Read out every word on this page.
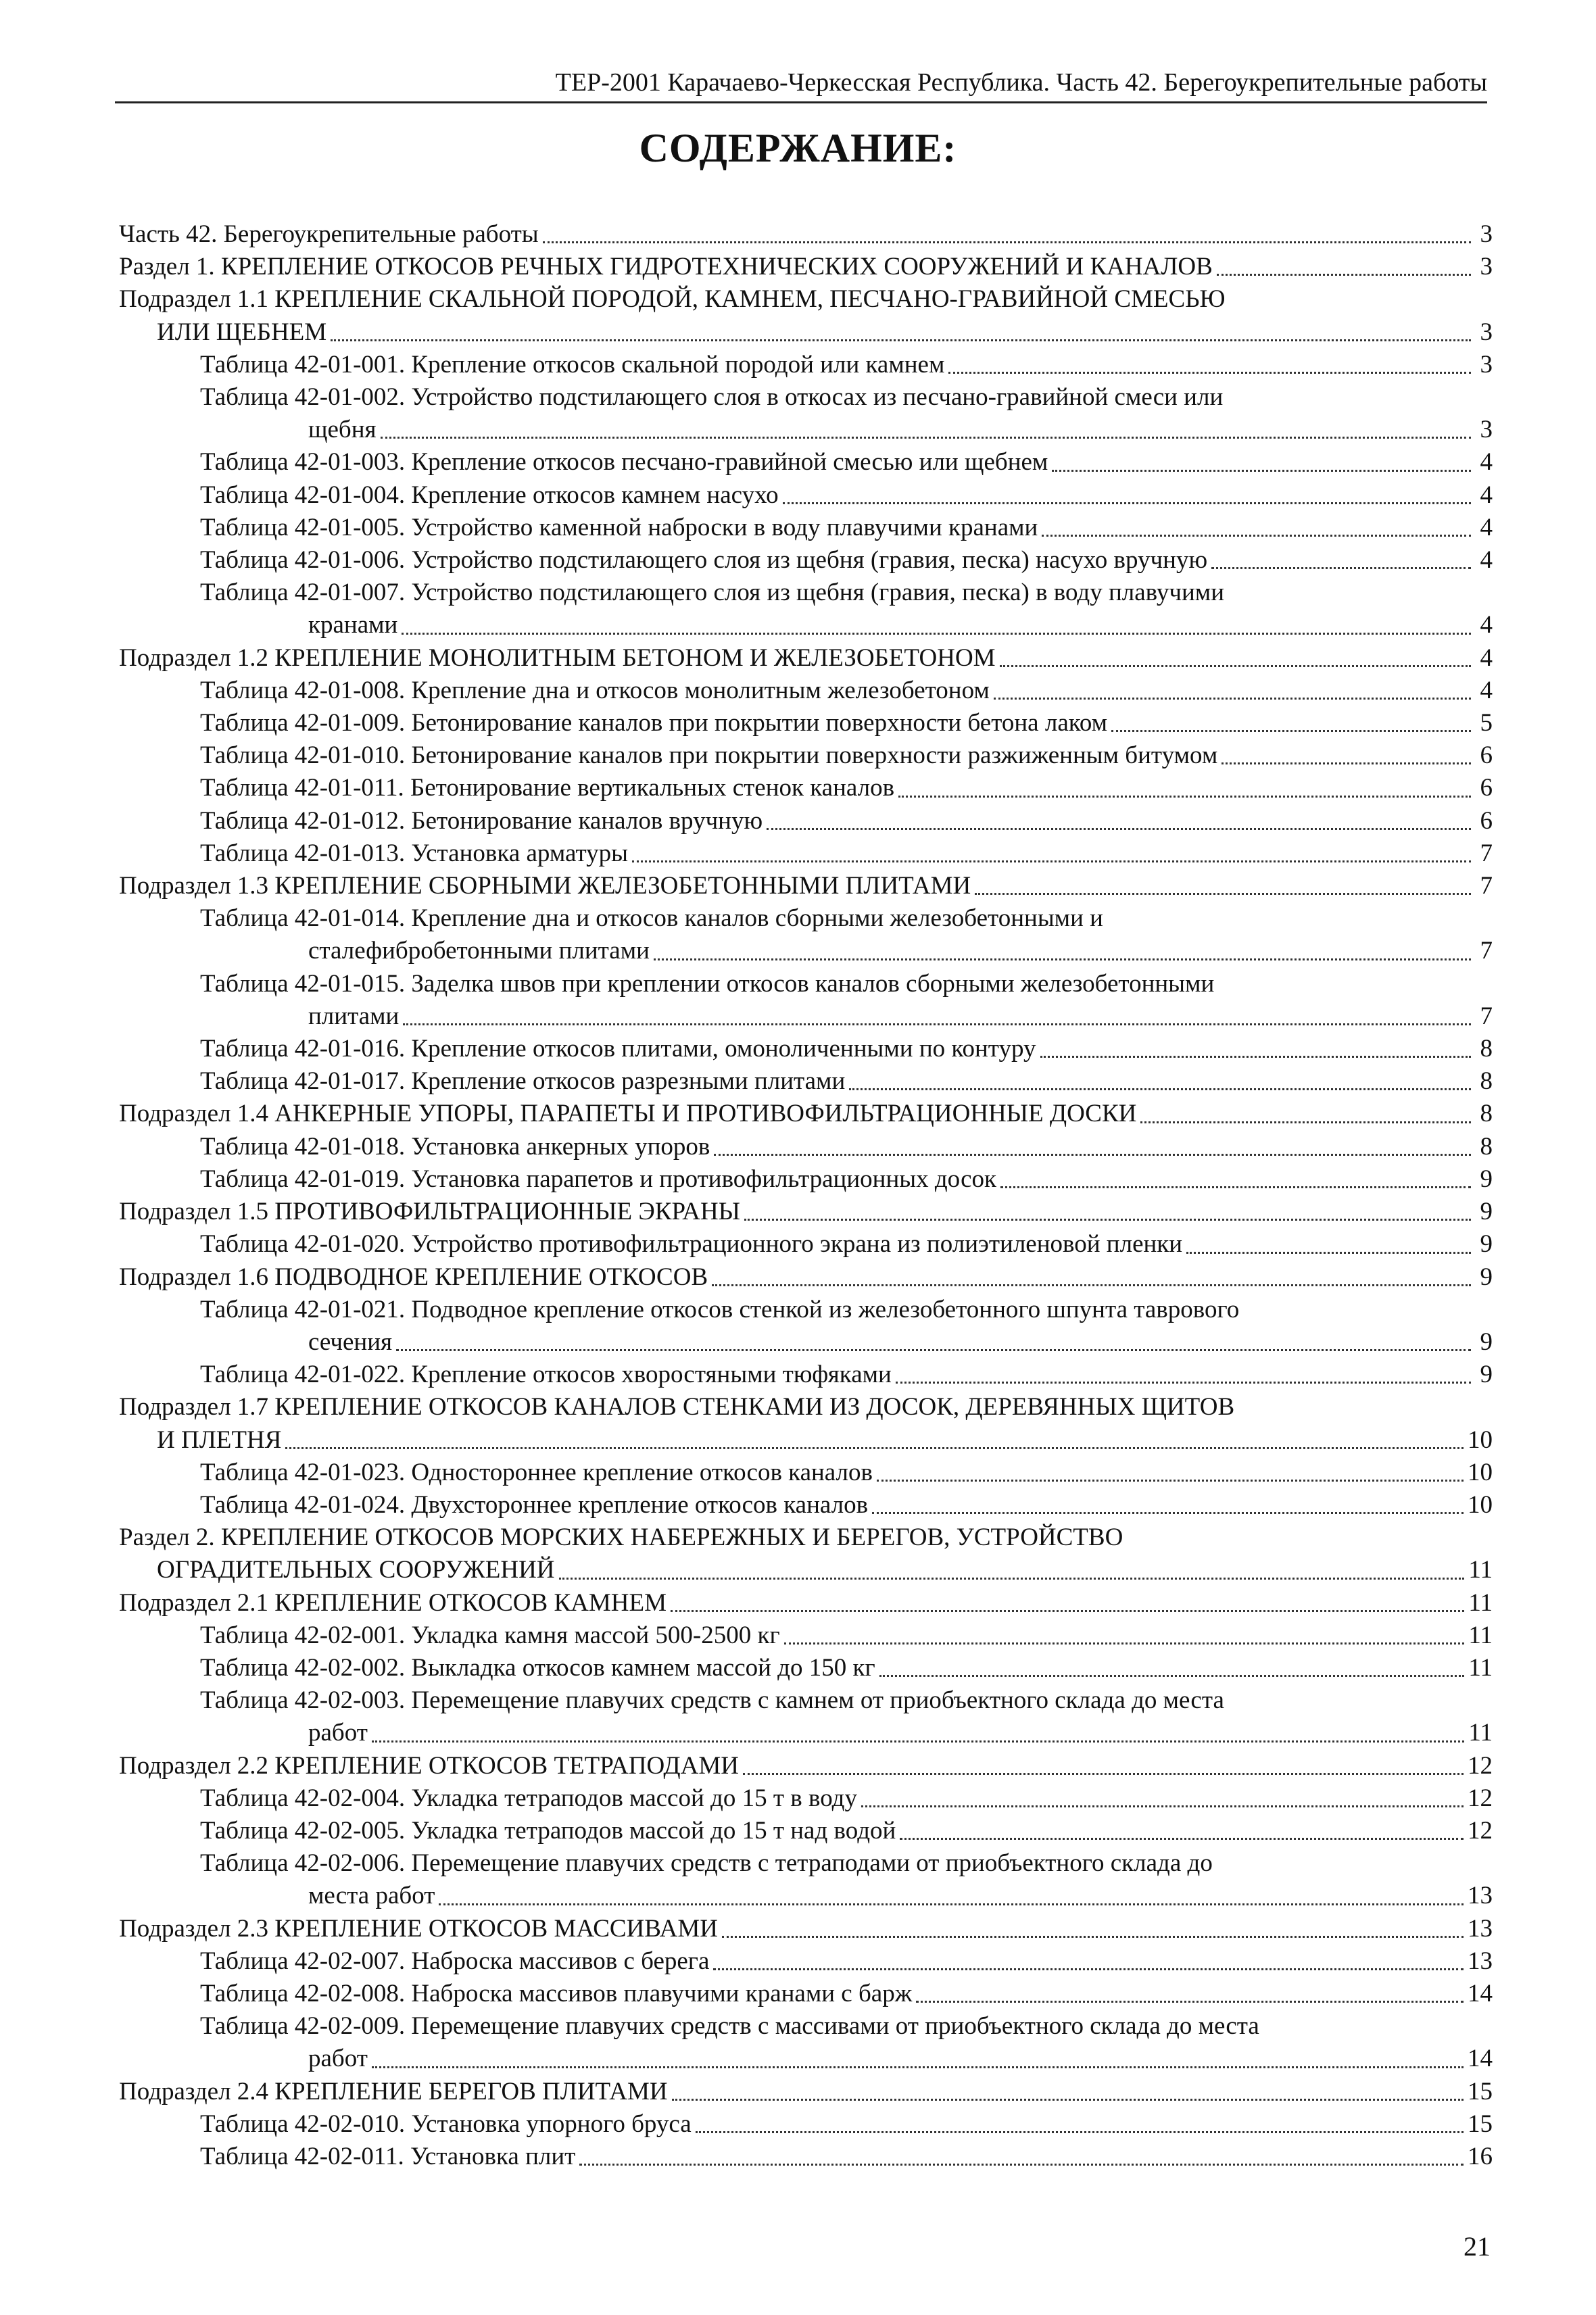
ТЕР-2001 Карачаево-Черкесская Республика. Часть 42. Берегоукрепительные работы
СОДЕРЖАНИЕ:
Часть 42. Берегоукрепительные работы	3
Раздел 1. КРЕПЛЕНИЕ ОТКОСОВ РЕЧНЫХ ГИДРОТЕХНИЧЕСКИХ СООРУЖЕНИЙ И КАНАЛОВ	3
Подраздел 1.1 КРЕПЛЕНИЕ СКАЛЬНОЙ ПОРОДОЙ, КАМНЕМ, ПЕСЧАНО-ГРАВИЙНОЙ СМЕСЬЮ
ИЛИ ЩЕБНЕМ	3
Таблица 42-01-001. Крепление откосов скальной породой или камнем	3
Таблица 42-01-002. Устройство подстилающего слоя в откосах из песчано-гравийной смеси или
щебня	3
Таблица 42-01-003. Крепление откосов песчано-гравийной смесью или щебнем	4
Таблица 42-01-004. Крепление откосов камнем насухо	4
Таблица 42-01-005. Устройство каменной наброски в воду плавучими кранами	4
Таблица 42-01-006. Устройство подстилающего слоя из щебня (гравия, песка) насухо вручную	4
Таблица 42-01-007. Устройство подстилающего слоя из щебня (гравия, песка) в воду плавучими
кранами	4
Подраздел 1.2 КРЕПЛЕНИЕ МОНОЛИТНЫМ БЕТОНОМ И ЖЕЛЕЗОБЕТОНОМ	4
Таблица 42-01-008. Крепление дна и откосов монолитным железобетоном	4
Таблица 42-01-009. Бетонирование каналов при покрытии поверхности бетона лаком	5
Таблица 42-01-010. Бетонирование каналов при покрытии поверхности разжиженным битумом	6
Таблица 42-01-011. Бетонирование вертикальных стенок каналов	6
Таблица 42-01-012. Бетонирование каналов вручную	6
Таблица 42-01-013. Установка арматуры	7
Подраздел 1.3 КРЕПЛЕНИЕ СБОРНЫМИ ЖЕЛЕЗОБЕТОННЫМИ ПЛИТАМИ	7
Таблица 42-01-014. Крепление дна и откосов каналов сборными железобетонными и
сталефибробетонными плитами	7
Таблица 42-01-015. Заделка швов при креплении откосов каналов сборными железобетонными
плитами	7
Таблица 42-01-016. Крепление откосов плитами, омоноличенными по контуру	8
Таблица 42-01-017. Крепление откосов разрезными плитами	8
Подраздел 1.4 АНКЕРНЫЕ УПОРЫ, ПАРАПЕТЫ И ПРОТИВОФИЛЬТРАЦИОННЫЕ ДОСКИ	8
Таблица 42-01-018. Установка анкерных упоров	8
Таблица 42-01-019. Установка парапетов и противофильтрационных досок	9
Подраздел 1.5 ПРОТИВОФИЛЬТРАЦИОННЫЕ ЭКРАНЫ	9
Таблица 42-01-020. Устройство противофильтрационного экрана из полиэтиленовой пленки	9
Подраздел 1.6 ПОДВОДНОЕ КРЕПЛЕНИЕ ОТКОСОВ	9
Таблица 42-01-021. Подводное крепление откосов стенкой из железобетонного шпунта таврового
сечения	9
Таблица 42-01-022. Крепление откосов хворостяными тюфяками	9
Подраздел 1.7 КРЕПЛЕНИЕ ОТКОСОВ КАНАЛОВ СТЕНКАМИ ИЗ ДОСОК, ДЕРЕВЯННЫХ ЩИТОВ
И ПЛЕТНЯ	10
Таблица 42-01-023. Одностороннее крепление откосов каналов	10
Таблица 42-01-024. Двухстороннее крепление откосов каналов	10
Раздел 2. КРЕПЛЕНИЕ ОТКОСОВ МОРСКИХ НАБЕРЕЖНЫХ И БЕРЕГОВ, УСТРОЙСТВО
ОГРАДИТЕЛЬНЫХ СООРУЖЕНИЙ	11
Подраздел 2.1 КРЕПЛЕНИЕ ОТКОСОВ КАМНЕМ	11
Таблица 42-02-001. Укладка камня массой 500-2500 кг	11
Таблица 42-02-002. Выкладка откосов камнем массой до 150 кг	11
Таблица 42-02-003. Перемещение плавучих средств с камнем от приобъектного склада до места
работ	11
Подраздел 2.2 КРЕПЛЕНИЕ ОТКОСОВ ТЕТРАПОДАМИ	12
Таблица 42-02-004. Укладка тетраподов массой до 15 т в воду	12
Таблица 42-02-005. Укладка тетраподов массой до 15 т над водой	12
Таблица 42-02-006. Перемещение плавучих средств с тетраподами от приобъектного склада до
места работ	13
Подраздел 2.3 КРЕПЛЕНИЕ ОТКОСОВ МАССИВАМИ	13
Таблица 42-02-007. Наброска массивов с берега	13
Таблица 42-02-008. Наброска массивов плавучими кранами с барж	14
Таблица 42-02-009. Перемещение плавучих средств с массивами от приобъектного склада до места
работ	14
Подраздел 2.4 КРЕПЛЕНИЕ БЕРЕГОВ ПЛИТАМИ	15
Таблица 42-02-010. Установка упорного бруса	15
Таблица 42-02-011. Установка плит	16
21
